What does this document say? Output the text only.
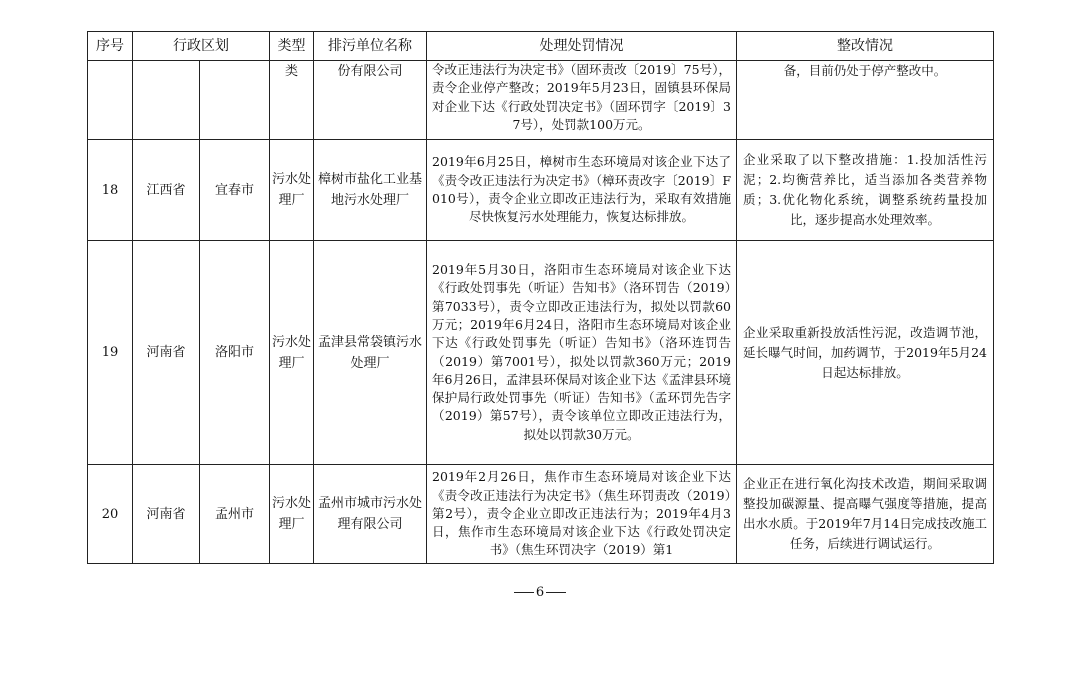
序号	行政区划		类型	排污单位名称	处理处罚情况	整改情况
			类	份有限公司	令改正违法行为决定书》（固环责改〔2019〕75号），责令企业停产整改；2019年5月23日，固镇县环保局对企业下达《行政处罚决定书》（固环罚字〔2019〕37号），处罚款100万元。	备，目前仍处于停产整改中。
18	江西省	宜春市	污水处理厂	樟树市盐化工业基地污水处理厂	2019年6月25日，樟树市生态环境局对该企业下达了《责令改正违法行为决定书》（樟环责改字〔2019〕F010号），责令企业立即改正违法行为，采取有效措施尽快恢复污水处理能力，恢复达标排放。	企业采取了以下整改措施：1.投加活性污泥；2.均衡营养比，适当添加各类营养物质；3.优化物化系统，调整系统药量投加比，逐步提高水处理效率。
19	河南省	洛阳市	污水处理厂	孟津县常袋镇污水处理厂	2019年5月30日，洛阳市生态环境局对该企业下达《行政处罚事先（听证）告知书》（洛环罚告（2019）第7033号），责令立即改正违法行为，拟处以罚款60万元；2019年6月24日，洛阳市生态环境局对该企业下达《行政处罚事先（听证）告知书》（洛环连罚告（2019）第7001号），拟处以罚款360万元；2019年6月26日，孟津县环保局对该企业下达《孟津县环境保护局行政处罚事先（听证）告知书》（孟环罚先告字（2019）第57号），责令该单位立即改正违法行为，拟处以罚款30万元。	企业采取重新投放活性污泥，改造调节池，延长曝气时间，加药调节，于2019年5月24日起达标排放。
20	河南省	孟州市	污水处理厂	孟州市城市污水处理有限公司	2019年2月26日，焦作市生态环境局对该企业下达《责令改正违法行为决定书》（焦生环罚责改（2019）第2号），责令企业立即改正违法行为；2019年4月3日，焦作市生态环境局对该企业下达《行政处罚决定书》（焦生环罚决字（2019）第1	企业正在进行氧化沟技术改造，期间采取调整投加碳源量、提高曝气强度等措施，提高出水水质。于2019年7月14日完成技改施工任务，后续进行调试运行。
6
